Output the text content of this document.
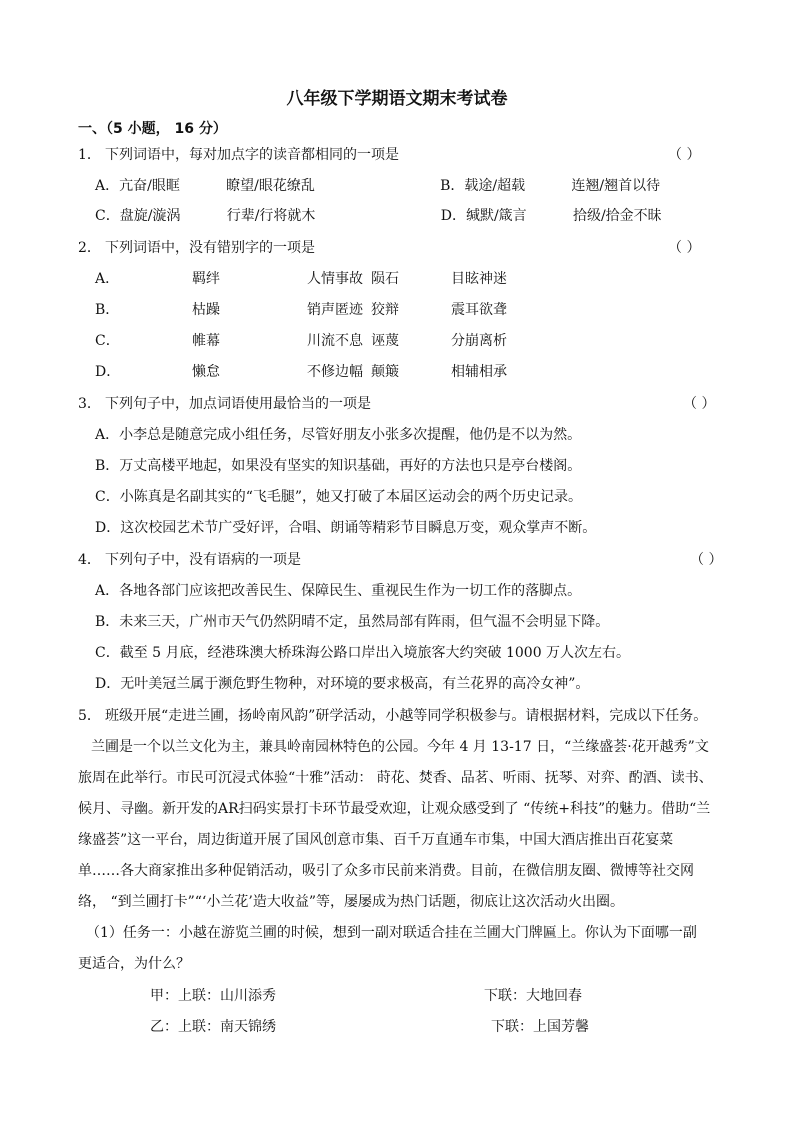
八年级下学期语文期末考试卷
一、（5 小题， 16 分）
1． 下列词语中，每对加点字的读音都相同的一项是	（ ）
A．亢奋/眼眶	瞭望/眼花缭乱	B．载途/超载	连翘/翘首以待
C．盘旋/漩涡	行辈/行将就木	D．缄默/箴言	拾级/拾金不昧
2． 下列词语中，没有错别字的一项是	（ ）
A．	羁绊	人情事故 陨石	目眩神迷
B．	枯躁	销声匿迹 狡辩	震耳欲聋
C．	帷幕	川流不息 诬蔑	分崩离析
D．	懒怠	不修边幅 颠簸	相辅相承
3． 下列句子中，加点词语使用最恰当的一项是	（ ）
A．小李总是随意完成小组任务，尽管好朋友小张多次提醒，他仍是不以为然。
B．万丈高楼平地起，如果没有坚实的知识基础，再好的方法也只是亭台楼阁。
C．小陈真是名副其实的“飞毛腿”，她又打破了本届区运动会的两个历史记录。
D．这次校园艺术节广受好评，合唱、朗诵等精彩节目瞬息万变，观众掌声不断。
4． 下列句子中，没有语病的一项是	（ ）
A．各地各部门应该把改善民生、保障民生、重视民生作为一切工作的落脚点。
B．未来三天，广州市天气仍然阴晴不定，虽然局部有阵雨，但气温不会明显下降。
C．截至 5 月底，经港珠澳大桥珠海公路口岸出入境旅客大约突破 1000 万人次左右。
D．无叶美冠兰属于濒危野生物种，对环境的要求极高，有兰花界的高冷女神”。
5． 班级开展“走进兰圃，扬岭南风韵”研学活动，小越等同学积极参与。请根据材料，完成以下任务。
兰圃是一个以兰文化为主，兼具岭南园林特色的公园。今年 4 月 13-17 日，“兰缘盛荟·花开越秀”文
旅周在此举行。市民可沉浸式体验“十雅”活动： 莳花、焚香、品茗、听雨、抚琴、对弈、酌酒、读书、
候月、寻幽。新开发的AR扫码实景打卡环节最受欢迎，让观众感受到了 “传统+科技”的魅力。借助“兰
缘盛荟”这一平台，周边街道开展了国风创意市集、百千万直通车市集，中国大酒店推出百花宴菜
单……各大商家推出多种促销活动，吸引了众多市民前来消费。目前，在微信朋友圈、微博等社交网
络， “到兰圃打卡”“‘小兰花’造大收益”等，屡屡成为热门话题，彻底让这次活动火出圈。
（1）任务一：小越在游览兰圃的时候，想到一副对联适合挂在兰圃大门牌匾上。你认为下面哪一副
更适合，为什么？
甲：上联：山川添秀	下联：大地回春
乙：上联：南天锦绣	下联：上国芳馨
